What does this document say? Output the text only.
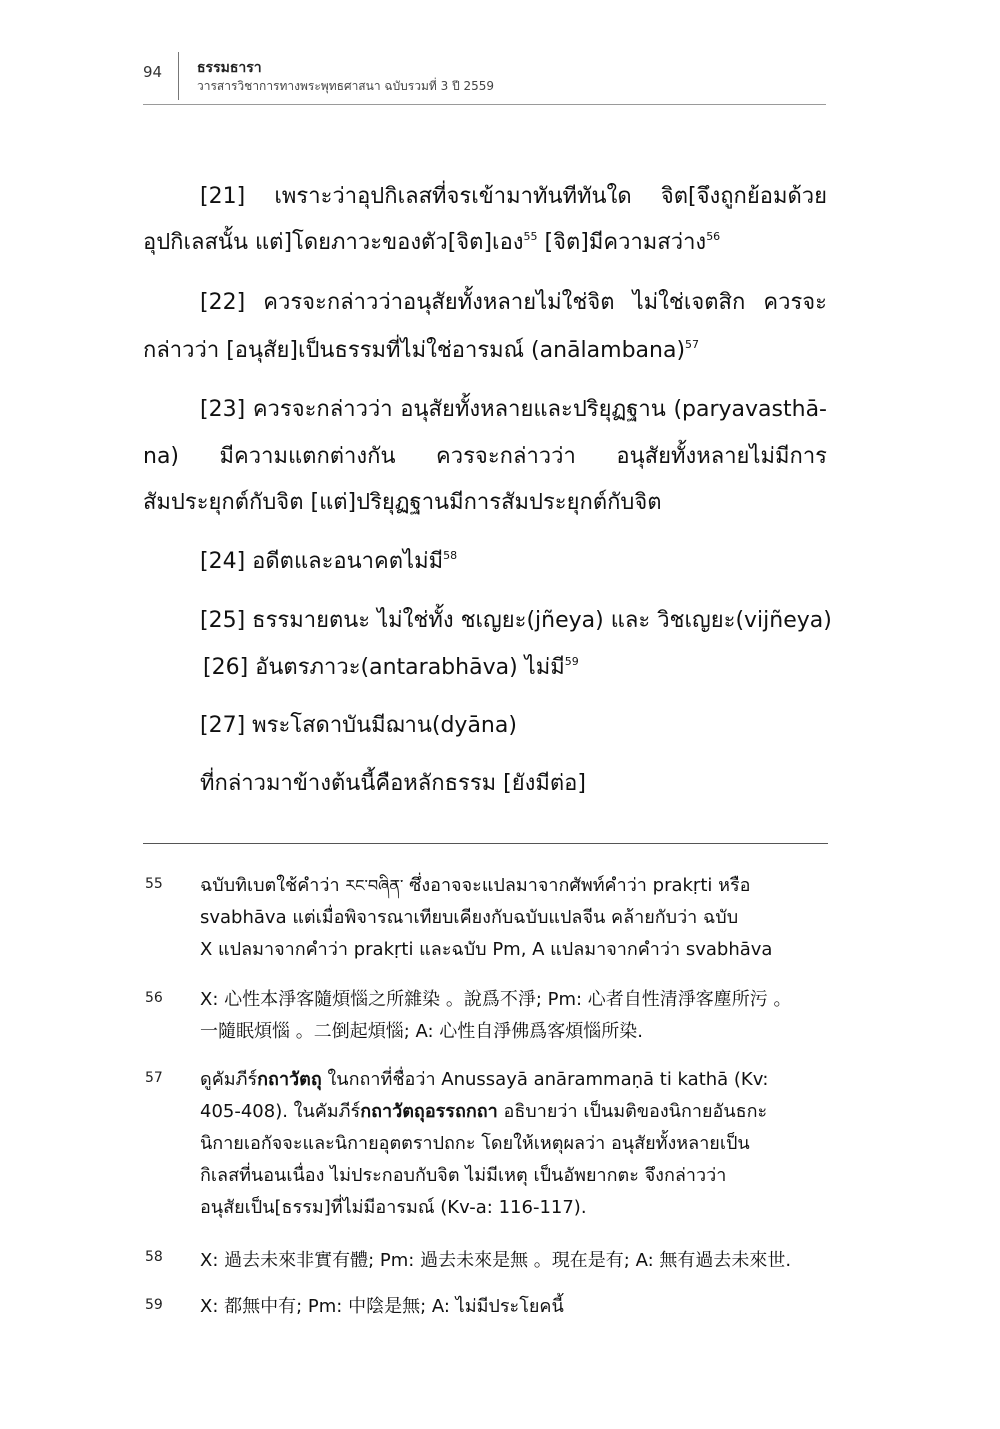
94 ธรรมธารา
วารสารวิชาการทางพระพุทธศาสนา ฉบับรวมที่ 3 ปี 2559

[21] เพราะว่าอุปกิเลสที่จรเข้ามาทันทีทันใด จิต[จึงถูกย้อมด้วย

อุปกิเลสนั้น แต่]โดยภาวะของตัว[จิต]เอง$^{55}$ [จิต]มีความสว่าง$^{56}$

[22] ควรจะกล่าวว่าอนุสัยทั้งหลายไม่ใช่จิต ไม่ใช่เจตสิก ควรจะ

กล่าวว่า [อนุสัย]เป็นธรรมที่ไม่ใช่อารมณ์ (anālambana)$^{57}$

[23] ควรจะกล่าวว่า อนุสัยทั้งหลายและปริยุฏฐาน (paryavasthā-

na) มีความแตกต่างกัน ควรจะกล่าวว่า อนุสัยทั้งหลายไม่มีการ

สัมประยุกต์กับจิต [แต่]ปริยุฏฐานมีการสัมประยุกต์กับจิต

[24] อดีตและอนาคตไม่มี$^{58}$

[25] ธรรมายตนะ ไม่ใช่ทั้ง ชเญยะ(jñeya) และ วิชเญยะ(vijñeya)

[26] อันตรภาวะ(antarabhāva) ไม่มี$^{59}$

[27] พระโสดาบันมีฌาน(dyāna)

ที่กล่าวมาข้างต้นนี้คือหลักธรรม [ยังมีต่อ]

55 ฉบับทิเบตใช้คำว่า རང་བཞིན་ ซึ่งอาจจะแปลมาจากศัพท์คำว่า prakṛti หรือ
svabhāva แต่เมื่อพิจารณาเทียบเคียงกับฉบับแปลจีน คล้ายกับว่า ฉบับ
X แปลมาจากคำว่า prakṛti และฉบับ Pm, A แปลมาจากคำว่า svabhāva
56 X: 心性本淨客隨煩惱之所雜染 。說爲不淨; Pm: 心者自性清淨客塵所污 。
一隨眠煩惱 。二倒起煩惱; A: 心性自淨佛爲客煩惱所染.
57 ดูคัมภีร์กถาวัตถุ ในกถาที่ชื่อว่า Anussayā anārammaṇā ti kathā (Kv:
405-408). ในคัมภีร์กถาวัตถุอรรถกถา อธิบายว่า เป็นมติของนิกายอันธกะ
นิกายเอกัจจะและนิกายอุตตราปถกะ โดยให้เหตุผลว่า อนุสัยทั้งหลายเป็น
กิเลสที่นอนเนื่อง ไม่ประกอบกับจิต ไม่มีเหตุ เป็นอัพยากตะ จึงกล่าวว่า
อนุสัยเป็น[ธรรม]ที่ไม่มีอารมณ์ (Kv-a: 116-117).
58 X: 過去未來非實有體; Pm: 過去未來是無 。現在是有; A: 無有過去未來世.
59 X: 都無中有; Pm: 中陰是無; A: ไม่มีประโยคนี้
